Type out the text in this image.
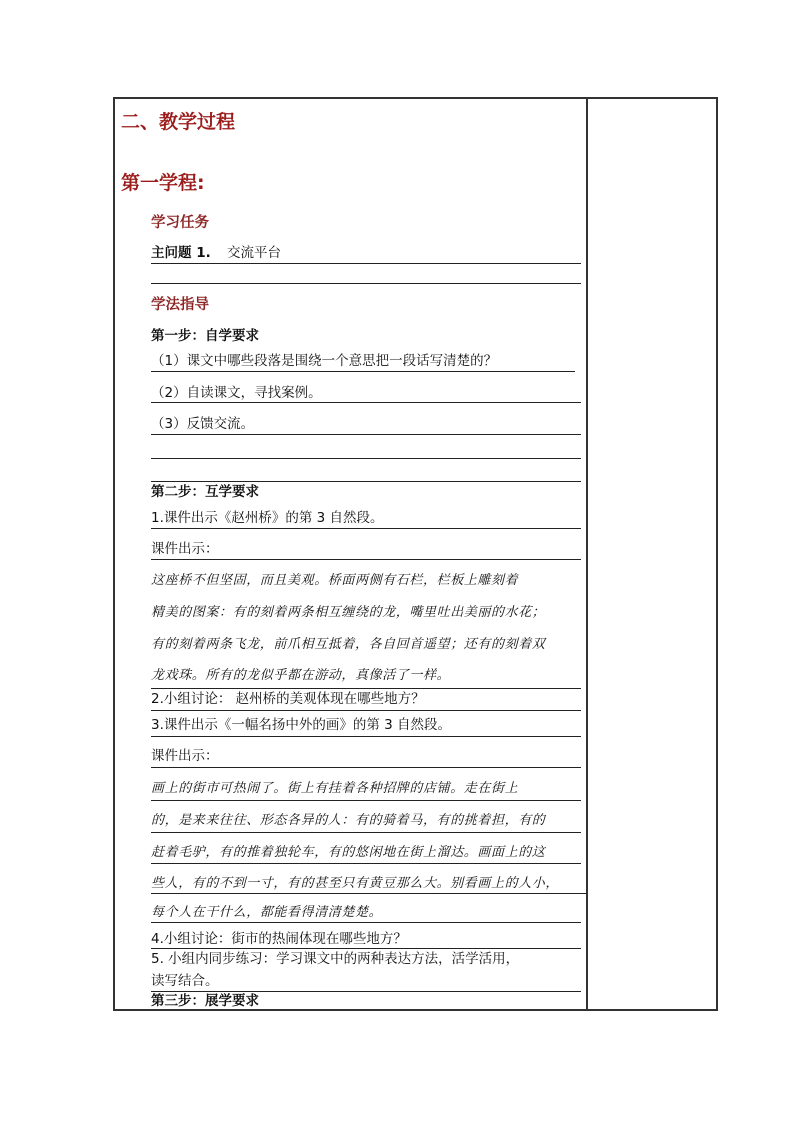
二、教学过程
第一学程:
学习任务
主问题 1. 交流平台
学法指导
第一步：自学要求
（1）课文中哪些段落是围绕一个意思把一段话写清楚的？
（2）自读课文，寻找案例。
（3）反馈交流。
第二步：互学要求
1.课件出示《赵州桥》的第 3 自然段。
课件出示：
这座桥不但坚固，而且美观。桥面两侧有石栏，栏板上雕刻着
精美的图案：有的刻着两条相互缠绕的龙，嘴里吐出美丽的水花；
有的刻着两条飞龙，前爪相互抵着，各自回首遥望；还有的刻着双
龙戏珠。所有的龙似乎都在游动，真像活了一样。
2.小组讨论： 赵州桥的美观体现在哪些地方？
3.课件出示《一幅名扬中外的画》的第 3 自然段。
课件出示：
画上的街市可热闹了。街上有挂着各种招牌的店铺。走在街上
的，是来来往往、形态各异的人：有的骑着马，有的挑着担，有的
赶着毛驴，有的推着独轮车，有的悠闲地在街上溜达。画面上的这
些人，有的不到一寸，有的甚至只有黄豆那么大。别看画上的人小，
每个人在干什么，都能看得清清楚楚。
4.小组讨论：街市的热闹体现在哪些地方？
5. 小组内同步练习：学习课文中的两种表达方法，活学活用，
读写结合。
第三步：展学要求
